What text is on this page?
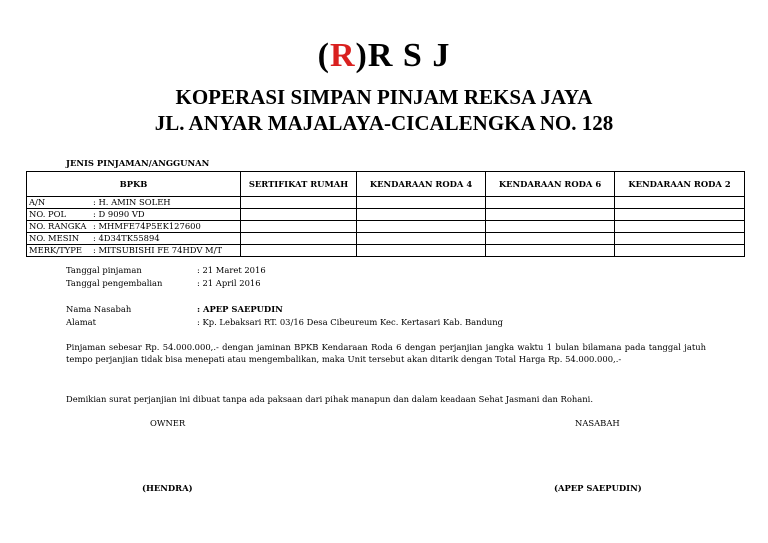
(R)R S J
KOPERASI SIMPAN PINJAM REKSA JAYA
JL. ANYAR MAJALAYA-CICALENGKA NO. 128
JENIS PINJAMAN/ANGGUNAN
BPKB	SERTIFIKAT RUMAH	KENDARAAN RODA 4	KENDARAAN RODA 6	KENDARAAN RODA 2
A/N : H. AMIN SOLEH				
NO. POL : D 9090 VD				
NO. RANGKA : MHMFE74P5EK127600				
NO. MESIN : 4D34TK55894				
MERK/TYPE : MITSUBISHI FE 74HDV M/T				
Tanggal pinjaman	: 21 Maret 2016
Tanggal pengembalian	: 21 April 2016
Nama Nasabah	: APEP SAEPUDIN
Alamat	: Kp. Lebaksari RT. 03/16 Desa Cibeureum Kec. Kertasari Kab. Bandung
Pinjaman sebesar Rp. 54.000.000,.- dengan jaminan BPKB Kendaraan Roda 6 dengan perjanjian jangka waktu 1 bulan bilamana pada tanggal jatuh tempo perjanjian tidak bisa menepati atau mengembalikan, maka Unit tersebut akan ditarik dengan Total Harga Rp. 54.000.000,.-
Demikian surat perjanjian ini dibuat tanpa ada paksaan dari pihak manapun dan dalam keadaan Sehat Jasmani dan Rohani.
OWNER	NASABAH
(HENDRA)	(APEP SAEPUDIN)
